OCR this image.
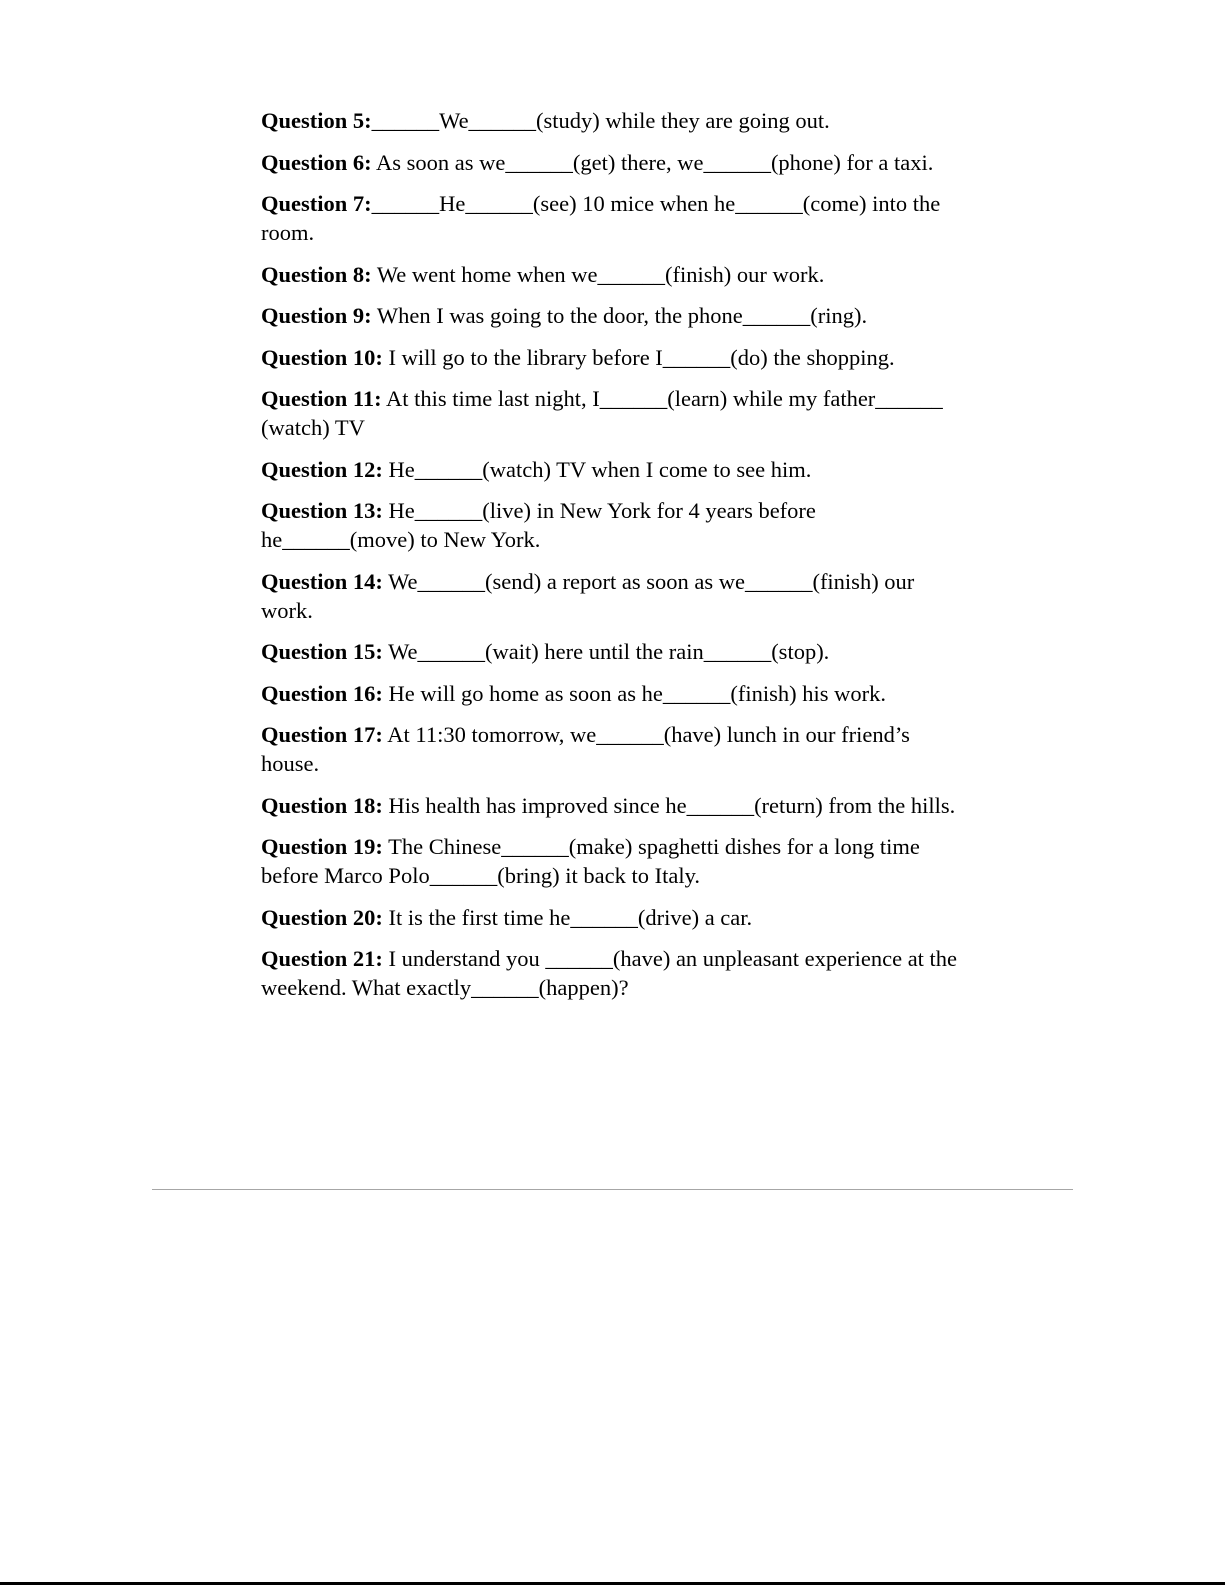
Question 5:______We______(study) while they are going out.

Question 6: As soon as we______(get) there, we______(phone) for a taxi.

Question 7:______He______(see) 10 mice when he______(come) into the room.

Question 8: We went home when we______(finish) our work.

Question 9: When I was going to the door, the phone______(ring).

Question 10: I will go to the library before I______(do) the shopping.

Question 11: At this time last night, I______(learn) while my father______ (watch) TV

Question 12: He______(watch) TV when I come to see him.

Question 13: He______(live) in New York for 4 years before he______(move) to New York.

Question 14: We______(send) a report as soon as we______(finish) our work.

Question 15: We______(wait) here until the rain______(stop).

Question 16: He will go home as soon as he______(finish) his work.

Question 17: At 11:30 tomorrow, we______(have) lunch in our friend’s house.

Question 18: His health has improved since he______(return) from the hills.

Question 19: The Chinese______(make) spaghetti dishes for a long time before Marco Polo______(bring) it back to Italy.

Question 20: It is the first time he______(drive) a car.

Question 21: I understand you ______(have) an unpleasant experience at the weekend. What exactly______(happen)?
